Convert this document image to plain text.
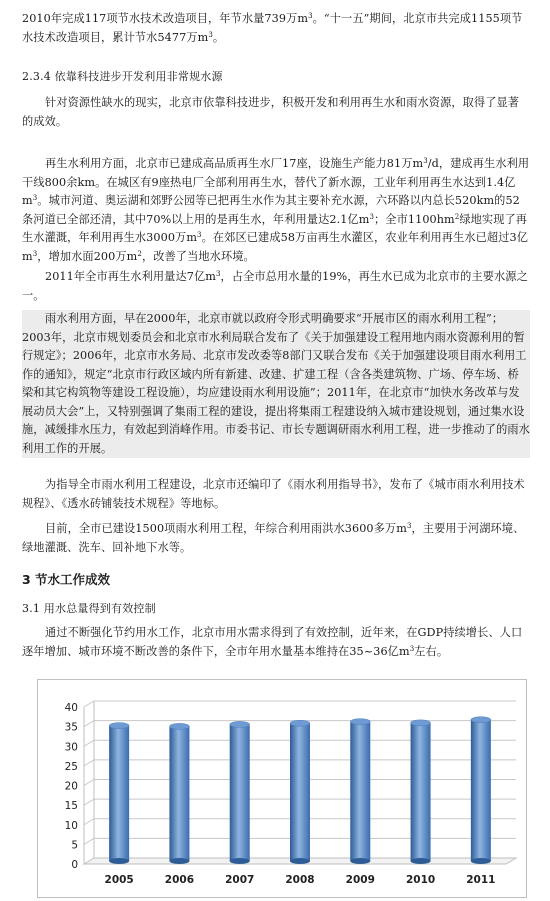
2010年完成117项节水技术改造项目，年节水量739万$m^3$。“十一五”期间，北京市共完成1155项节水技术改造项目，累计节水5477万$m^3$。

2.3.4 依靠科技进步开发利用非常规水源

针对资源性缺水的现实，北京市依靠科技进步，积极开发和利用再生水和雨水资源，取得了显著的成效。

再生水利用方面，北京市已建成高品质再生水厂17座，设施生产能力81万$m^3/d$，建成再生水利用干线800余km。在城区有9座热电厂全部利用再生水，替代了新水源，工业年利用再生水达到1.4亿$m^3$。城市河道、奥运湖和郊野公园等已把再生水作为其主要补充水源，六环路以内总长520km的52条河道已全部还清，其中70%以上用的是再生水，年利用量达2.1亿$m^3$；全市$1100hm^2$绿地实现了再生水灌溉，年利用再生水3000万$m^3$。在郊区已建成58万亩再生水灌区，农业年利用再生水已超过3亿$m^3$，增加水面200万$m^2$，改善了当地水环境。

2011年全市再生水利用量达7亿$m^3$，占全市总用水量的19%，再生水已成为北京市的主要水源之一。

雨水利用方面，早在2000年，北京市就以政府令形式明确要求“开展市区的雨水利用工程”；2003年，北京市规划委员会和北京市水利局联合发布了《关于加强建设工程用地内雨水资源利用的暂行规定》；2006年，北京市水务局、北京市发改委等8部门又联合发布《关于加强建设项目雨水利用工作的通知》，规定“北京市行政区域内所有新建、改建、扩建工程（含各类建筑物、广场、停车场、桥梁和其它构筑物等建设工程设施），均应建设雨水利用设施”；2011年，在北京市“加快水务改革与发展动员大会”上，又特别强调了集雨工程的建设，提出将集雨工程建设纳入城市建设规划，通过集水设施，减缓排水压力，有效起到消峰作用。市委书记、市长专题调研雨水利用工程，进一步推动了的雨水利用工作的开展。

为指导全市雨水利用工程建设，北京市还编印了《雨水利用指导书》，发布了《城市雨水利用技术规程》、《透水砖铺装技术规程》等地标。

目前，全市已建设1500项雨水利用工程，年综合利用雨洪水3600多万$m^3$，主要用于河湖环境、绿地灌溉、洗车、回补地下水等。

3 节水工作成效

3.1 用水总量得到有效控制

通过不断强化节约用水工作，北京市用水需求得到了有效控制，近年来，在GDP持续增长、人口逐年增加、城市环境不断改善的条件下，全市年用水量基本维持在35~36亿$m^3$左右。

0
5
10
15
20
25
30
35
40
2005	2006	2007	2008	2009	2010	2011
